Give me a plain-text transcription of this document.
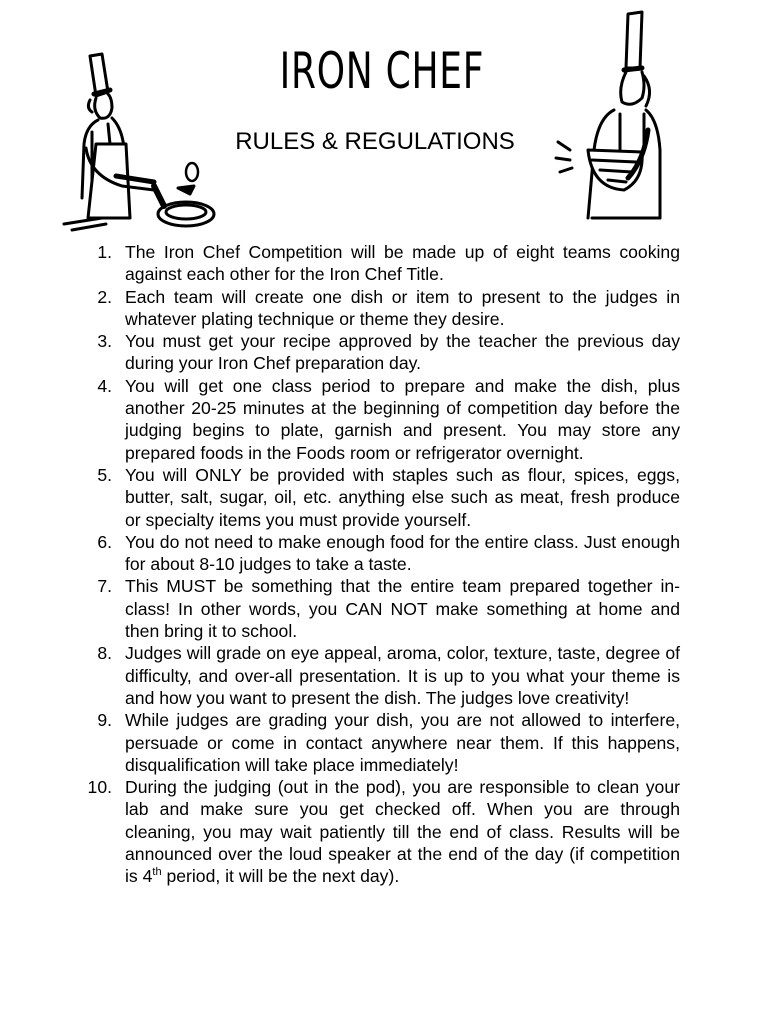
IRON CHEF
RULES & REGULATIONS
1. The Iron Chef Competition will be made up of eight teams cooking against each other for the Iron Chef Title.
2. Each team will create one dish or item to present to the judges in whatever plating technique or theme they desire.
3. You must get your recipe approved by the teacher the previous day during your Iron Chef preparation day.
4. You will get one class period to prepare and make the dish, plus another 20-25 minutes at the beginning of competition day before the judging begins to plate, garnish and present. You may store any prepared foods in the Foods room or refrigerator overnight.
5. You will ONLY be provided with staples such as flour, spices, eggs, butter, salt, sugar, oil, etc. anything else such as meat, fresh produce or specialty items you must provide yourself.
6. You do not need to make enough food for the entire class. Just enough for about 8-10 judges to take a taste.
7. This MUST be something that the entire team prepared together in-class! In other words, you CAN NOT make something at home and then bring it to school.
8. Judges will grade on eye appeal, aroma, color, texture, taste, degree of difficulty, and over-all presentation. It is up to you what your theme is and how you want to present the dish. The judges love creativity!
9. While judges are grading your dish, you are not allowed to interfere, persuade or come in contact anywhere near them. If this happens, disqualification will take place immediately!
10. During the judging (out in the pod), you are responsible to clean your lab and make sure you get checked off. When you are through cleaning, you may wait patiently till the end of class. Results will be announced over the loud speaker at the end of the day (if competition is 4th period, it will be the next day).
